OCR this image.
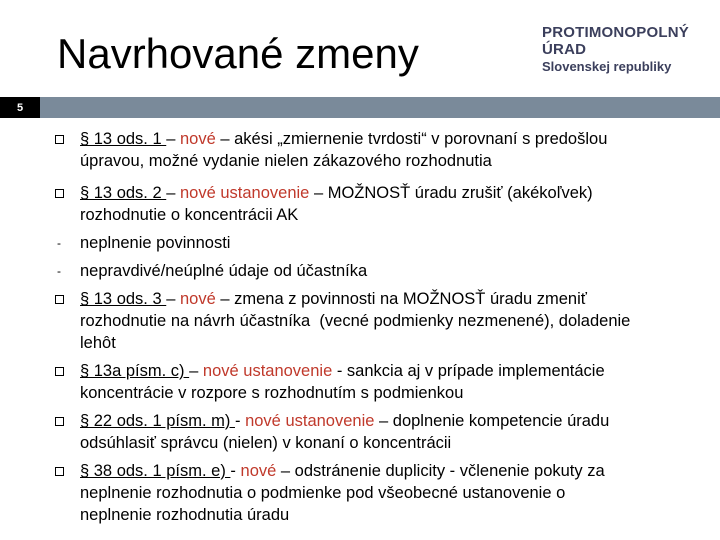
Navrhované zmeny	PROTIMONOPOLNÝ ÚRAD
Slovenskej republiky
5
§ 13 ods. 1 – nové – akési „zmiernenie tvrdosti“ v porovnaní s predošlou
úpravou, možné vydanie nielen zákazového rozhodnutia
§ 13 ods. 2 – nové ustanovenie – MOŽNOSŤ úradu zrušiť (akékoľvek)
rozhodnutie o koncentrácii AK
- neplnenie povinnosti
- nepravdivé/neúplné údaje od účastníka
§ 13 ods. 3 – nové – zmena z povinnosti na MOŽNOSŤ úradu zmeniť
rozhodnutie na návrh účastníka  (vecné podmienky nezmenené), doladenie
lehôt
§ 13a písm. c) – nové ustanovenie - sankcia aj v prípade implementácie
koncentrácie v rozpore s rozhodnutím s podmienkou
§ 22 ods. 1 písm. m) - nové ustanovenie – doplnenie kompetencie úradu
odsúhlasiť správcu (nielen) v konaní o koncentrácii
§ 38 ods. 1 písm. e) - nové – odstránenie duplicity - včlenenie pokuty za
neplnenie rozhodnutia o podmienke pod všeobecné ustanovenie o
neplnenie rozhodnutia úradu
